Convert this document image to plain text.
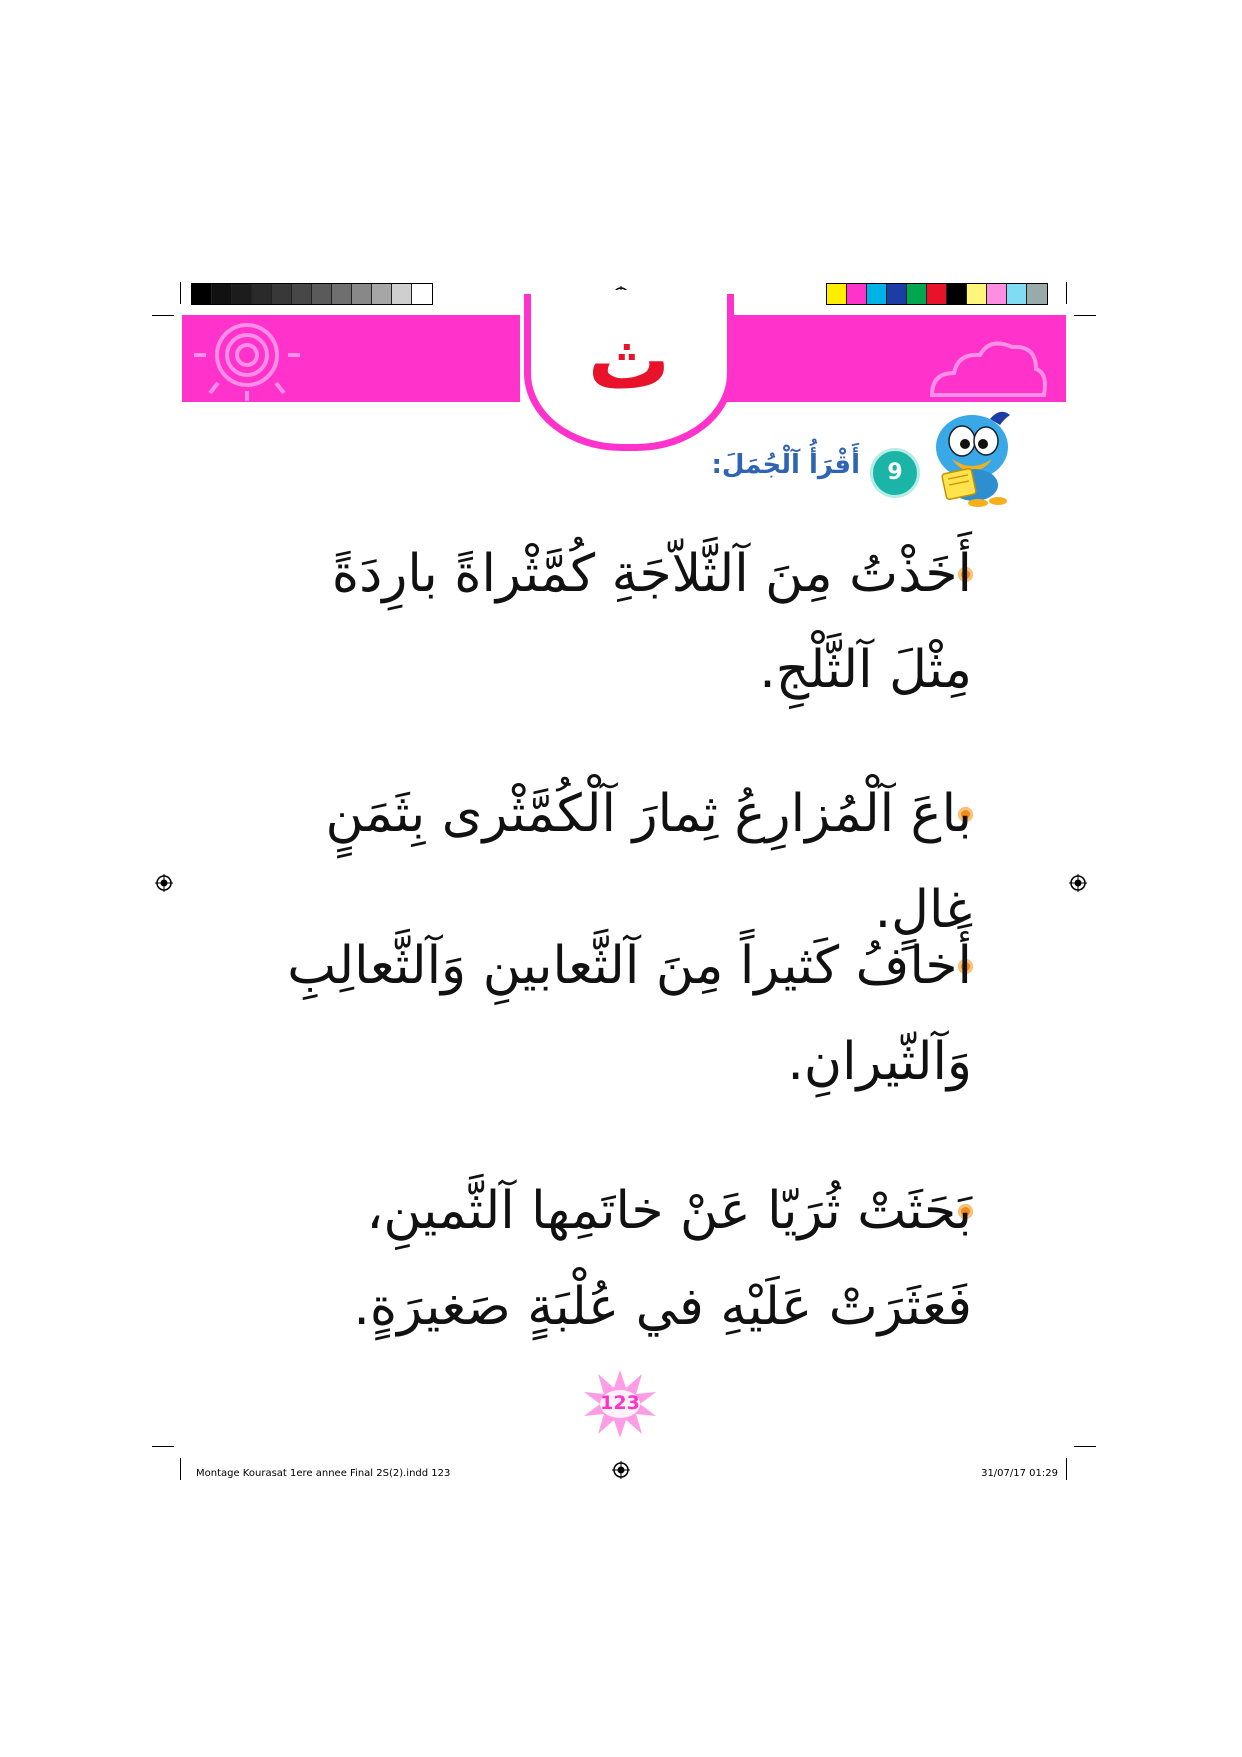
ث
9
أَقْرَأُ آلْجُمَلَ:
أَخَذْتُ مِنَ آلثَّلاّجَةِ كُمَّثْراةً بارِدَةً
مِثْلَ آلثَّلْجِ.
باعَ آلْمُزارِعُ ثِمارَ آلْكُمَّثْرى بِثَمَنٍ غالٍ.
أَخافُ كَثيراً مِنَ آلثَّعابينِ وَآلثَّعالِبِ
وَآلثّيرانِ.
بَحَثَتْ ثُرَيّا عَنْ خاتَمِها آلثَّمينِ،
فَعَثَرَتْ عَلَيْهِ في عُلْبَةٍ صَغيرَةٍ.
123
Montage Kourasat 1ere annee Final 2S(2).indd 123	31/07/17 01:29
